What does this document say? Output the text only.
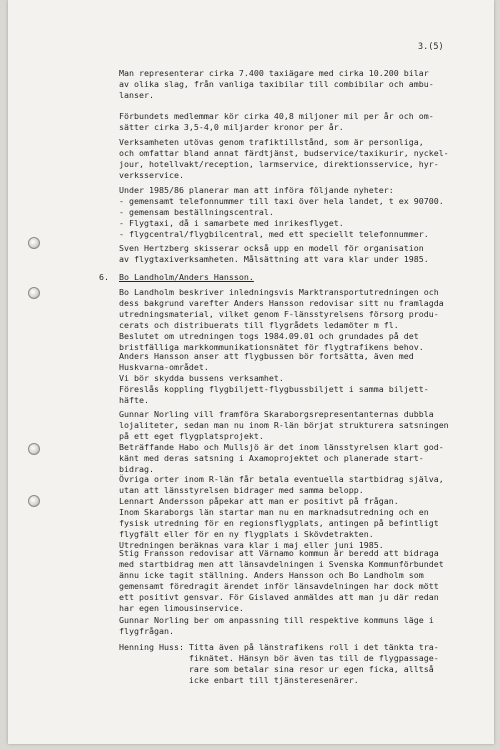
3.(5)

Man representerar cirka 7.400 taxiägare med cirka 10.200 bilar
av olika slag, från vanliga taxibilar till combibilar och ambu-
lanser.

Förbundets medlemmar kör cirka 40,8 miljoner mil per år och om-
sätter cirka 3,5-4,0 miljarder kronor per år.

Verksamheten utövas genom trafiktillstånd, som är personliga,
och omfattar bland annat färdtjänst, budservice/taxikurir, nyckel-
jour, hotellvakt/reception, larmservice, direktionsservice, hyr-
verksservice.

Under 1985/86 planerar man att införa följande nyheter:
- gemensamt telefonnummer till taxi över hela landet, t ex 90700.
- gemensam beställningscentral.
- Flygtaxi, då i samarbete med inrikesflyget.
- flygcentral/flygbilcentral, med ett speciellt telefonnummer.

Sven Hertzberg skisserar också upp en modell för organisation
av flygtaxiverksamheten. Målsättning att vara klar under 1985.

6. Bo Landholm/Anders Hansson.

Bo Landholm beskriver inledningsvis Marktransportutredningen och
dess bakgrund varefter Anders Hansson redovisar sitt nu framlagda
utredningsmaterial, vilket genom F-länsstyrelsens försorg produ-
cerats och distribuerats till flygrådets ledamöter m fl.
Beslutet om utredningen togs 1984.09.01 och grundades på det
bristfälliga markkommunikationsnätet för flygtrafikens behov.

Anders Hansson anser att flygbussen bör fortsätta, även med
Huskvarna-området.
Vi bör skydda bussens verksamhet.
Föreslås koppling flygbiljett-flygbussbiljett i samma biljett-
häfte.

Gunnar Norling vill framföra Skaraborgsrepresentanternas dubbla
lojaliteter, sedan man nu inom R-län börjat strukturera satsningen
på ett eget flygplatsprojekt.
Beträffande Habo och Mullsjö är det inom länsstyrelsen klart god-
känt med deras satsning i Axamoprojektet och planerade start-
bidrag.
Övriga orter inom R-län får betala eventuella startbidrag själva,
utan att länsstyrelsen bidrager med samma belopp.
Lennart Andersson påpekar att man er positivt på frågan.
Inom Skaraborgs län startar man nu en marknadsutredning och en
fysisk utredning för en regionsflygplats, antingen på befintligt
flygfält eller för en ny flygplats i Skövdetrakten.
Utredningen beräknas vara klar i maj eller juni 1985.

Stig Fransson redovisar att Värnamo kommun är beredd att bidraga
med startbidrag men att länsavdelningen i Svenska Kommunförbundet
ännu icke tagit ställning. Anders Hansson och Bo Landholm som
gemensamt föredragit ärendet inför länsavdelningen har dock mött
ett positivt gensvar. För Gislaved anmäldes att man ju där redan
har egen limousinservice.

Gunnar Norling ber om anpassning till respektive kommuns läge i
flygfrågan.

Henning Huss: Titta även på länstrafikens roll i det tänkta tra-
fiknätet. Hänsyn bör även tas till de flygpassage-
rare som betalar sina resor ur egen ficka, alltså
icke enbart till tjänsteresenärer.
